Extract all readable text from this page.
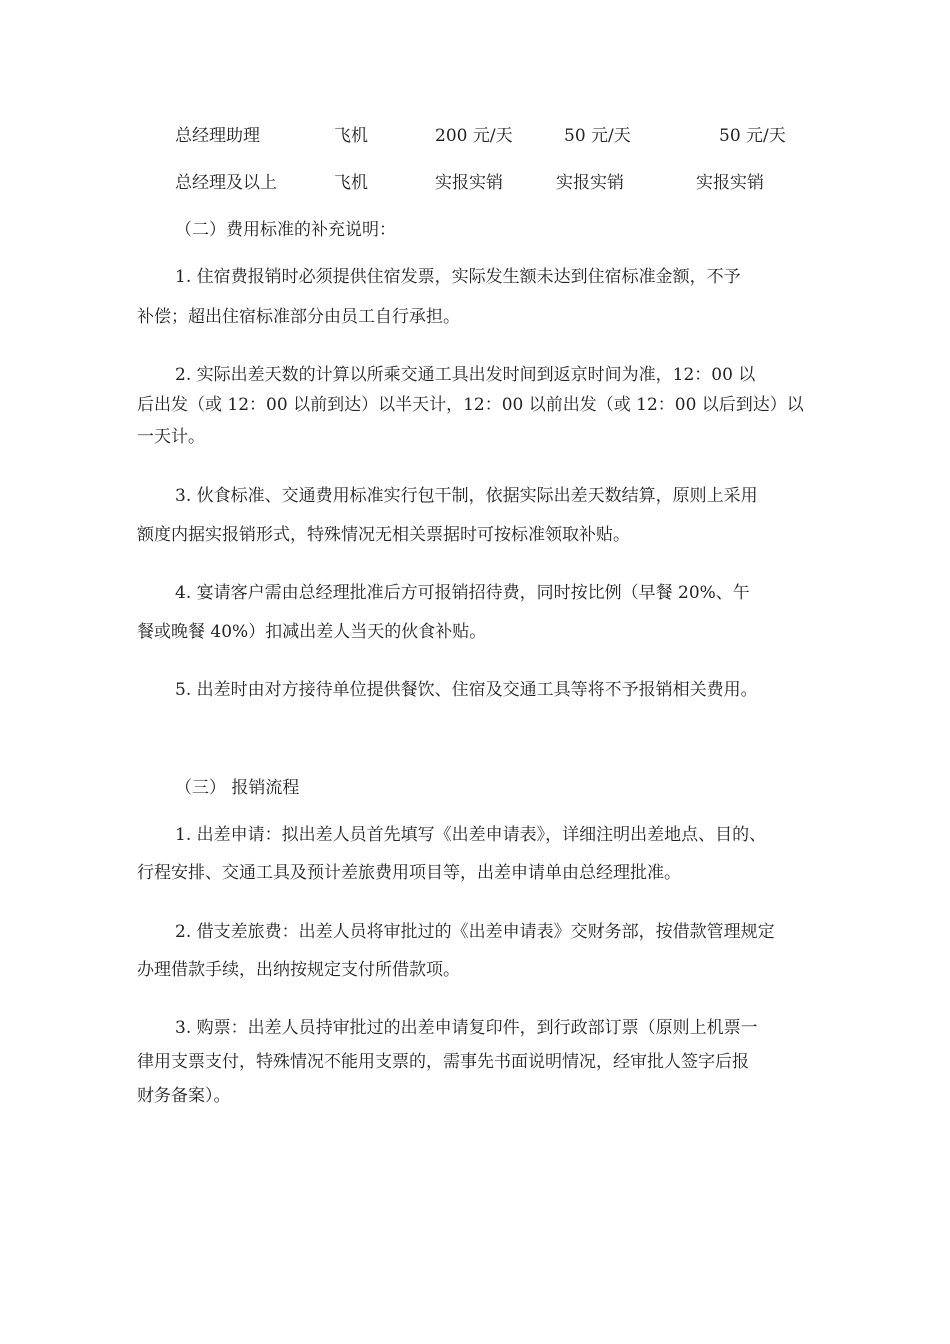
总经理助理	飞机	200 元/天	50 元/天	50 元/天
总经理及以上	飞机	实报实销	实报实销	实报实销
（二）费用标准的补充说明：
1. 住宿费报销时必须提供住宿发票，实际发生额未达到住宿标准金额，不予
补偿；超出住宿标准部分由员工自行承担。
2. 实际出差天数的计算以所乘交通工具出发时间到返京时间为准，12：00 以
后出发（或 12：00 以前到达）以半天计，12：00 以前出发（或 12：00 以后到达）以
一天计。
3. 伙食标准、交通费用标准实行包干制，依据实际出差天数结算，原则上采用
额度内据实报销形式，特殊情况无相关票据时可按标准领取补贴。
4. 宴请客户需由总经理批准后方可报销招待费，同时按比例（早餐 20%、午
餐或晚餐 40%）扣减出差人当天的伙食补贴。
5. 出差时由对方接待单位提供餐饮、住宿及交通工具等将不予报销相关费用。
（三） 报销流程
1. 出差申请：拟出差人员首先填写《出差申请表》，详细注明出差地点、目的、
行程安排、交通工具及预计差旅费用项目等，出差申请单由总经理批准。
2. 借支差旅费：出差人员将审批过的《出差申请表》交财务部，按借款管理规定
办理借款手续，出纳按规定支付所借款项。
3. 购票：出差人员持审批过的出差申请复印件，到行政部订票（原则上机票一
律用支票支付，特殊情况不能用支票的，需事先书面说明情况，经审批人签字后报
财务备案）。
